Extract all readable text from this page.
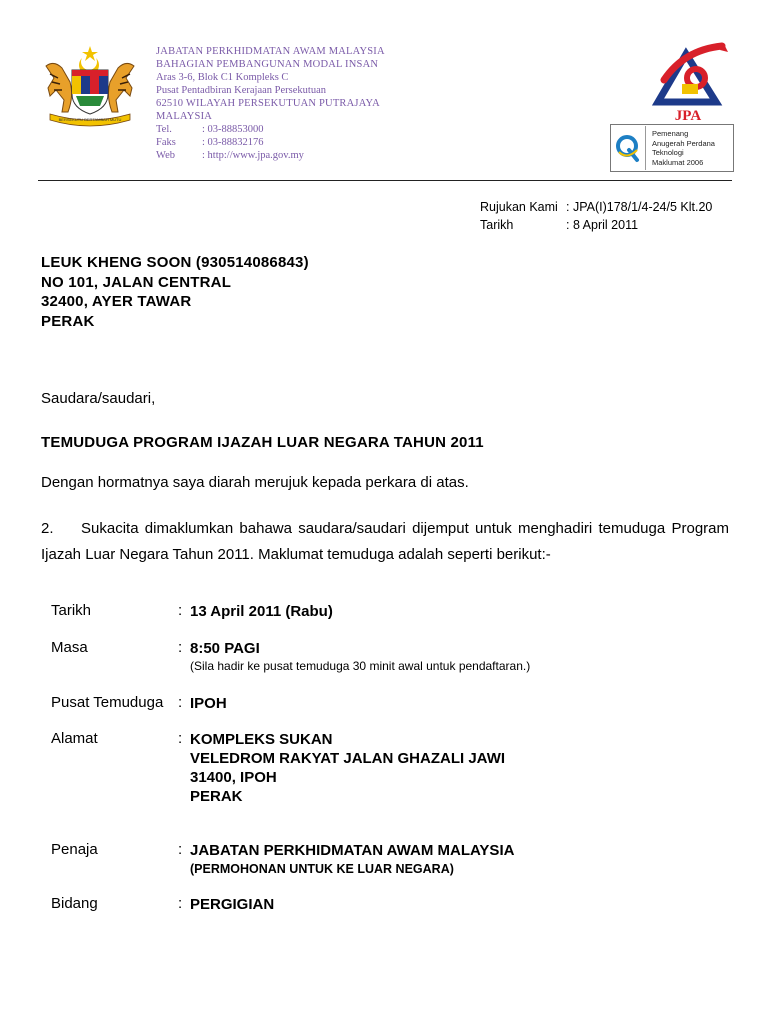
BERSEKUTU BERTAMBAH MUTU
JABATAN PERKHIDMATAN AWAM MALAYSIA
BAHAGIAN PEMBANGUNAN MODAL INSAN
Aras 3-6, Blok C1 Kompleks C
Pusat Pentadbiran Kerajaan Persekutuan
62510 WILAYAH PERSEKUTUAN PUTRAJAYA
MALAYSIA
Tel.	: 03-88853000
Faks	: 03-88832176
Web	: http://www.jpa.gov.my
JPA
Pemenang
Anugerah Perdana
Teknologi
Maklumat 2006
Rujukan Kami : JPA(I)178/1/4-24/5 Klt.20
Tarikh	: 8 April 2011
LEUK KHENG SOON (930514086843)
NO 101, JALAN CENTRAL
32400, AYER TAWAR
PERAK
Saudara/saudari,
TEMUDUGA PROGRAM IJAZAH LUAR NEGARA TAHUN 2011
Dengan hormatnya saya diarah merujuk kepada perkara di atas.
2. Sukacita dimaklumkan bahawa saudara/saudari dijemput untuk menghadiri temuduga Program Ijazah Luar Negara Tahun 2011. Maklumat temuduga adalah seperti berikut:-
Tarikh	: 13 April 2011 (Rabu)
Masa	: 8:50 PAGI
(Sila hadir ke pusat temuduga 30 minit awal untuk pendaftaran.)
Pusat Temuduga : IPOH
Alamat	: KOMPLEKS SUKAN
VELEDROM RAKYAT JALAN GHAZALI JAWI
31400, IPOH
PERAK
Penaja	: JABATAN PERKHIDMATAN AWAM MALAYSIA
(PERMOHONAN UNTUK KE LUAR NEGARA)
Bidang	: PERGIGIAN
